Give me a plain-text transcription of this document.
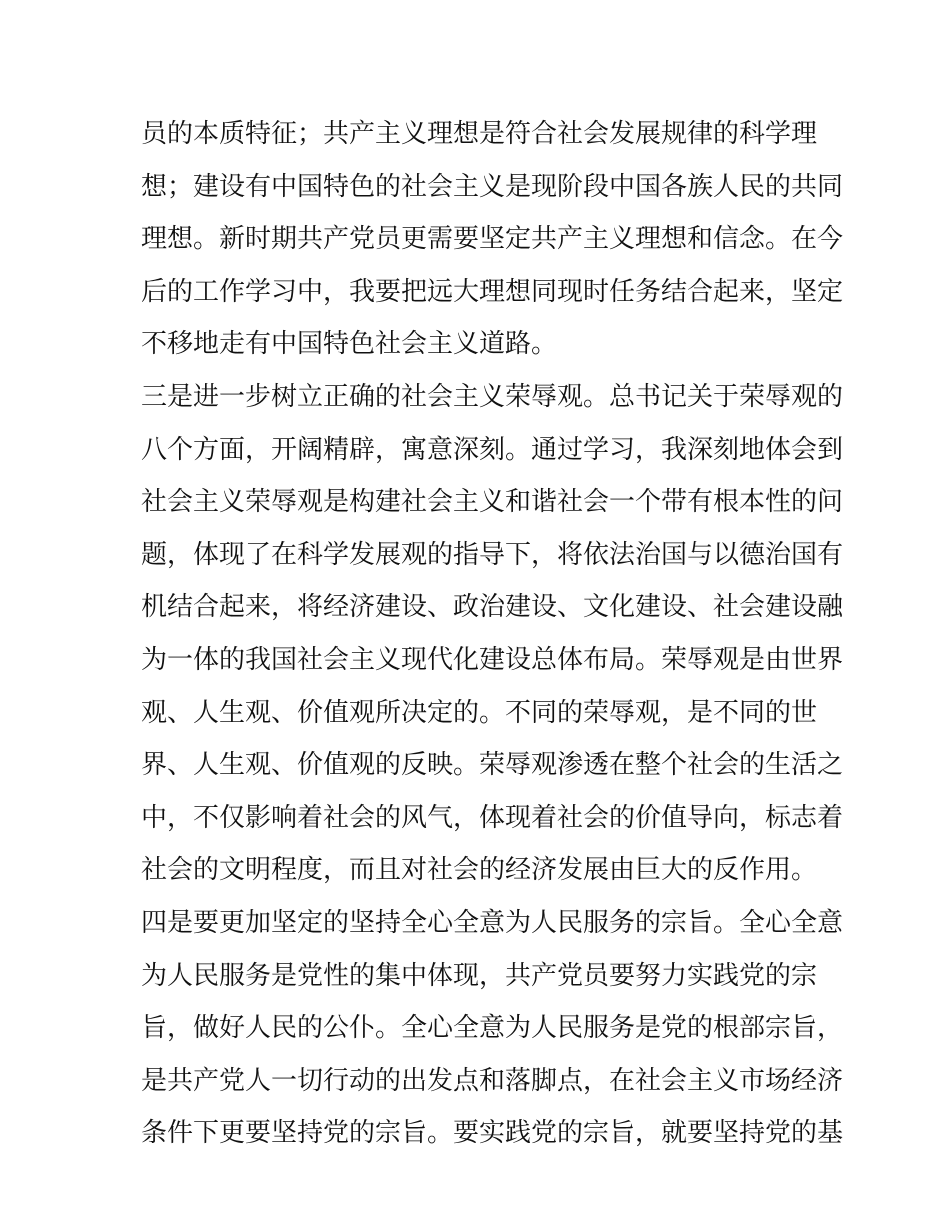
员的本质特征；共产主义理想是符合社会发展规律的科学理
想；建设有中国特色的社会主义是现阶段中国各族人民的共同
理想。新时期共产党员更需要坚定共产主义理想和信念。在今
后的工作学习中，我要把远大理想同现时任务结合起来，坚定
不移地走有中国特色社会主义道路。
三是进一步树立正确的社会主义荣辱观。总书记关于荣辱观的
八个方面，开阔精辟，寓意深刻。通过学习，我深刻地体会到
社会主义荣辱观是构建社会主义和谐社会一个带有根本性的问
题，体现了在科学发展观的指导下，将依法治国与以德治国有
机结合起来，将经济建设、政治建设、文化建设、社会建设融
为一体的我国社会主义现代化建设总体布局。荣辱观是由世界
观、人生观、价值观所决定的。不同的荣辱观，是不同的世
界、人生观、价值观的反映。荣辱观渗透在整个社会的生活之
中，不仅影响着社会的风气，体现着社会的价值导向，标志着
社会的文明程度，而且对社会的经济发展由巨大的反作用。
四是要更加坚定的坚持全心全意为人民服务的宗旨。全心全意
为人民服务是党性的集中体现，共产党员要努力实践党的宗
旨，做好人民的公仆。全心全意为人民服务是党的根部宗旨，
是共产党人一切行动的出发点和落脚点，在社会主义市场经济
条件下更要坚持党的宗旨。要实践党的宗旨，就要坚持党的基
